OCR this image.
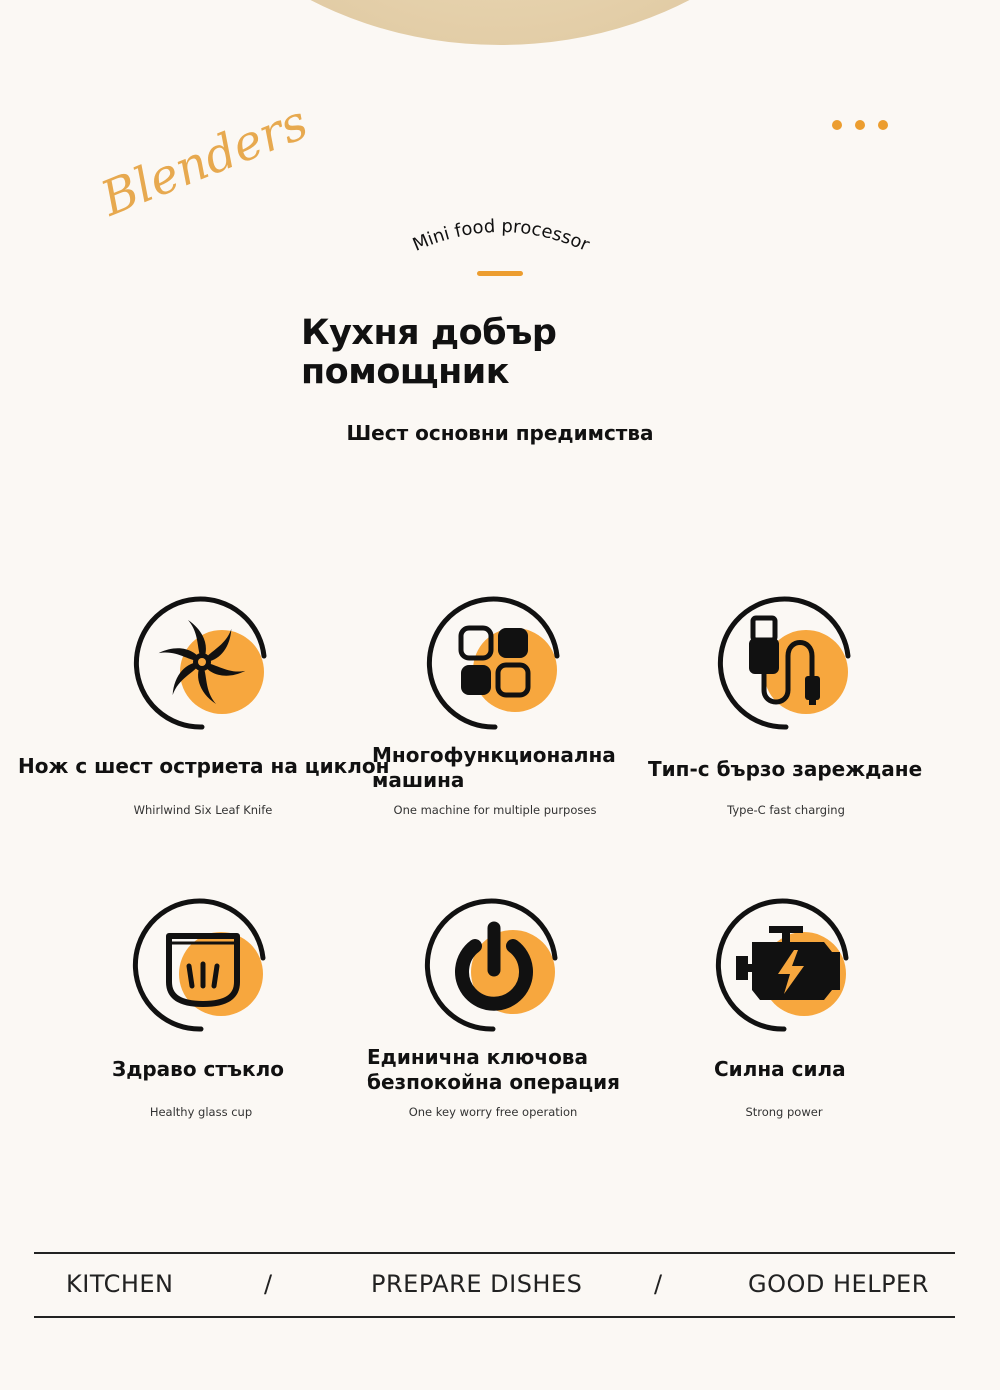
Blenders
Mini food processor
Кухня добър
помощник
Шест основни предимства
Нож с шест остриета на циклон
Whirlwind Six Leaf Knife
Многофункционална
машина
One machine for multiple purposes
Тип-с бързо зареждане
Type-C fast charging
Здраво стъкло
Healthy glass cup
Единична ключова
безпокойна операция
One key worry free operation
Силна сила
Strong power
KITCHEN	/	PREPARE DISHES	/	GOOD HELPER
